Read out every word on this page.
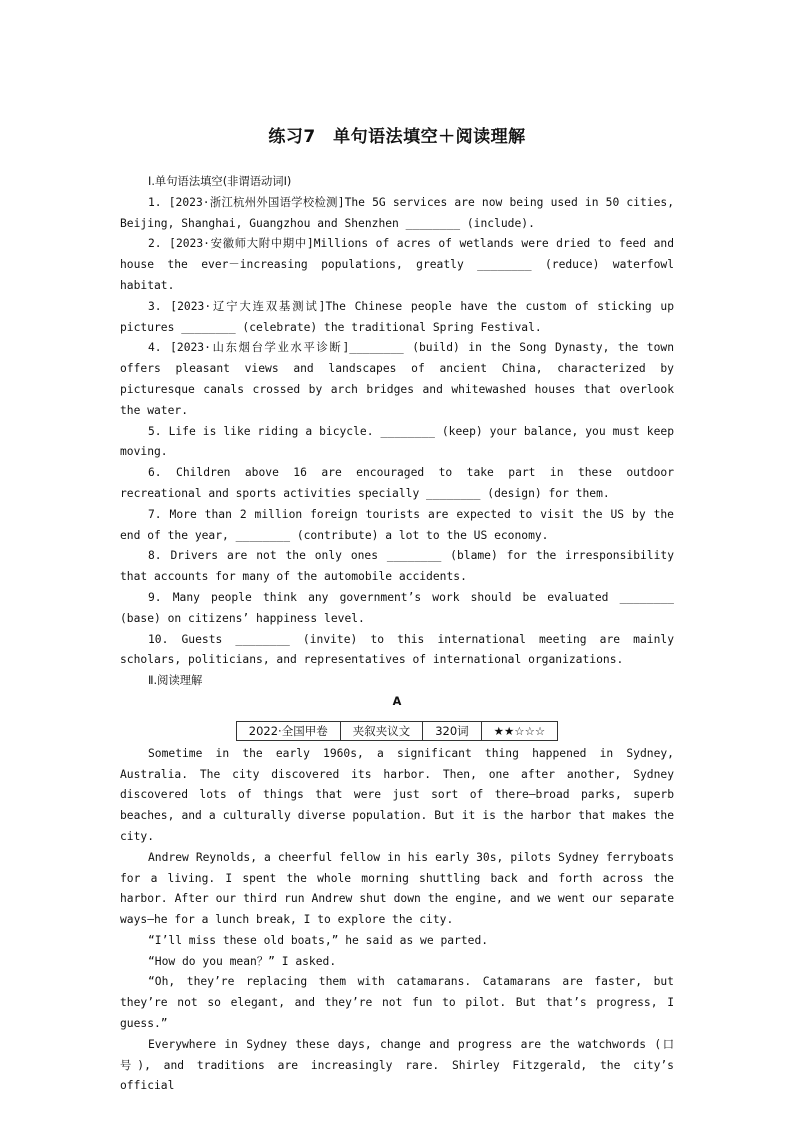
练习7　单句语法填空＋阅读理解
Ⅰ.单句语法填空(非谓语动词Ⅰ)
1. [2023·浙江杭州外国语学校检测]The 5G services are now being used in 50 cities, Beijing, Shanghai, Guangzhou and Shenzhen ________ (include).
2. [2023·安徽师大附中期中]Millions of acres of wetlands were dried to feed and house the ever－increasing populations, greatly ________ (reduce) waterfowl habitat.
3. [2023·辽宁大连双基测试]The Chinese people have the custom of sticking up pictures ________ (celebrate) the traditional Spring Festival.
4. [2023·山东烟台学业水平诊断]________ (build) in the Song Dynasty, the town offers pleasant views and landscapes of ancient China, characterized by picturesque canals crossed by arch bridges and whitewashed houses that overlook the water.
5. Life is like riding a bicycle. ________ (keep) your balance, you must keep moving.
6. Children above 16 are encouraged to take part in these outdoor recreational and sports activities specially ________ (design) for them.
7. More than 2 million foreign tourists are expected to visit the US by the end of the year, ________ (contribute) a lot to the US economy.
8. Drivers are not the only ones ________ (blame) for the irresponsibility that accounts for many of the automobile accidents.
9. Many people think any government’s work should be evaluated ________ (base) on citizens’ happiness level.
10. Guests ________ (invite) to this international meeting are mainly scholars, politicians, and representatives of international organizations.
Ⅱ.阅读理解
A
2022·全国甲卷	夹叙夹议文	320词	★★☆☆☆
Sometime in the early 1960s, a significant thing happened in Sydney, Australia. The city discovered its harbor. Then, one after another, Sydney discovered lots of things that were just sort of there—broad parks, superb beaches, and a culturally diverse population. But it is the harbor that makes the city.
Andrew Reynolds, a cheerful fellow in his early 30s, pilots Sydney ferryboats for a living. I spent the whole morning shuttling back and forth across the harbor. After our third run Andrew shut down the engine, and we went our separate ways—he for a lunch break, I to explore the city.
“I’ll miss these old boats,” he said as we parted.
“How do you mean？” I asked.
“Oh, they’re replacing them with catamarans. Catamarans are faster, but they’re not so elegant, and they’re not fun to pilot. But that’s progress, I guess.”
Everywhere in Sydney these days, change and progress are the watchwords (口号), and traditions are increasingly rare. Shirley Fitzgerald, the city’s official
